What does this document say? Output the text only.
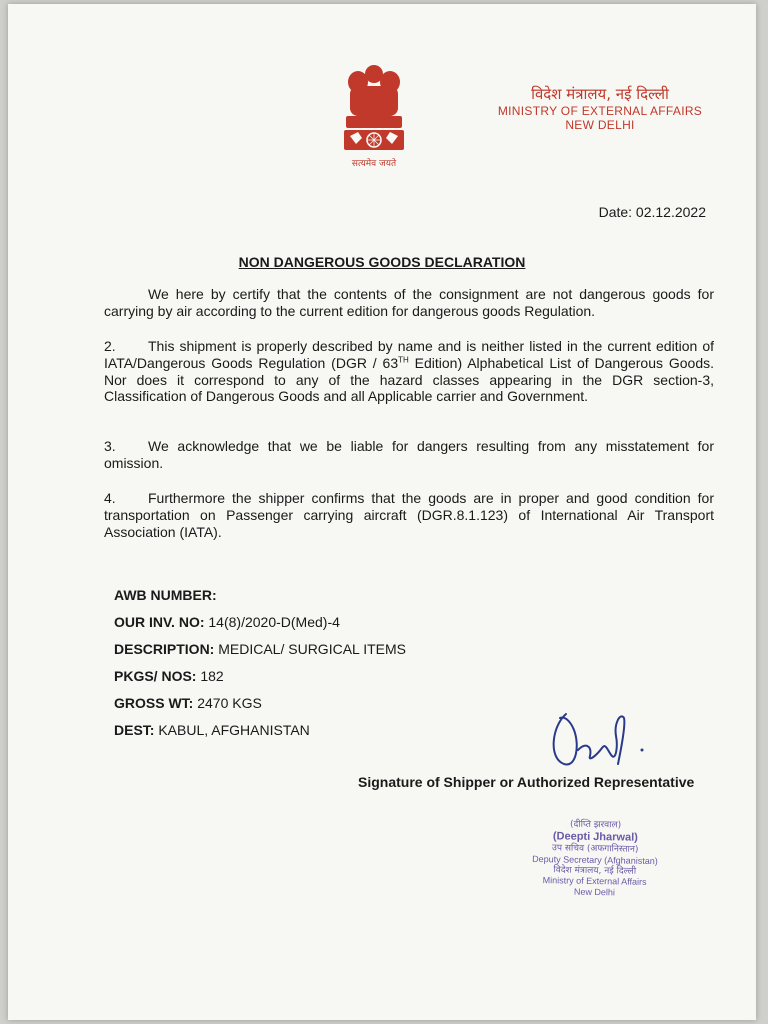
सत्यमेव जयते
विदेश मंत्रालय, नई दिल्ली
MINISTRY OF EXTERNAL AFFAIRS
NEW DELHI
Date: 02.12.2022
NON DANGEROUS GOODS DECLARATION
We here by certify that the contents of the consignment are not dangerous goods for carrying by air according to the current edition for dangerous goods Regulation.
2. This shipment is properly described by name and is neither listed in the current edition of IATA/Dangerous Goods Regulation (DGR / 63TH Edition) Alphabetical List of Dangerous Goods. Nor does it correspond to any of the hazard classes appearing in the DGR section-3, Classification of Dangerous Goods and all Applicable carrier and Government.
3. We acknowledge that we be liable for dangers resulting from any misstatement for omission.
4. Furthermore the shipper confirms that the goods are in proper and good condition for transportation on Passenger carrying aircraft (DGR.8.1.123) of International Air Transport Association (IATA).
AWB NUMBER:
OUR INV. NO: 14(8)/2020-D(Med)-4
DESCRIPTION: MEDICAL/ SURGICAL ITEMS
PKGS/ NOS: 182
GROSS WT: 2470 KGS
DEST: KABUL, AFGHANISTAN
Signature of Shipper or Authorized Representative
(दीप्ति झरवाल)
(Deepti Jharwal)
उप सचिव (अफगानिस्तान)
Deputy Secretary (Afghanistan)
विदेश मंत्रालय, नई दिल्ली
Ministry of External Affairs
New Delhi
